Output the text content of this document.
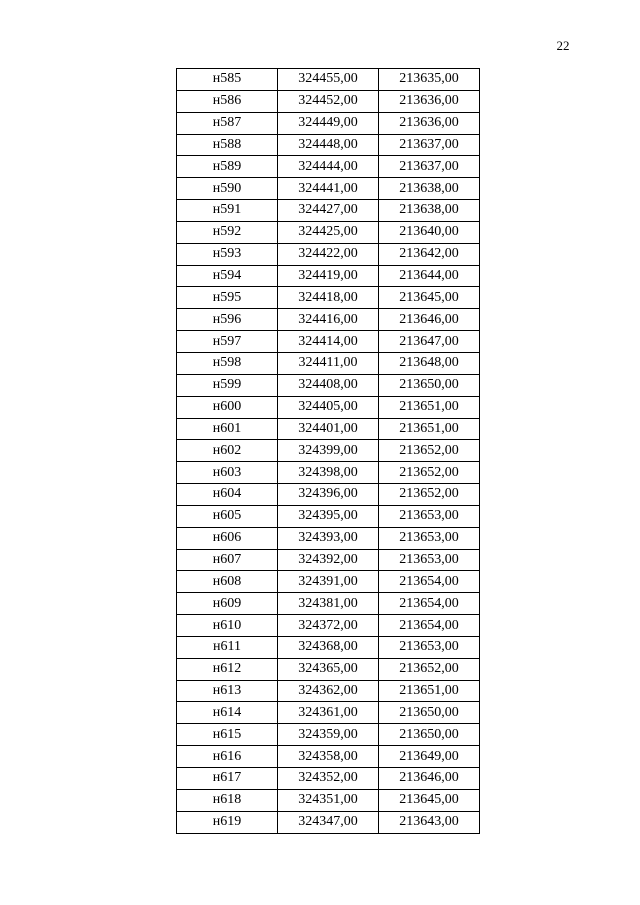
22
н585	324455,00	213635,00
н586	324452,00	213636,00
н587	324449,00	213636,00
н588	324448,00	213637,00
н589	324444,00	213637,00
н590	324441,00	213638,00
н591	324427,00	213638,00
н592	324425,00	213640,00
н593	324422,00	213642,00
н594	324419,00	213644,00
н595	324418,00	213645,00
н596	324416,00	213646,00
н597	324414,00	213647,00
н598	324411,00	213648,00
н599	324408,00	213650,00
н600	324405,00	213651,00
н601	324401,00	213651,00
н602	324399,00	213652,00
н603	324398,00	213652,00
н604	324396,00	213652,00
н605	324395,00	213653,00
н606	324393,00	213653,00
н607	324392,00	213653,00
н608	324391,00	213654,00
н609	324381,00	213654,00
н610	324372,00	213654,00
н611	324368,00	213653,00
н612	324365,00	213652,00
н613	324362,00	213651,00
н614	324361,00	213650,00
н615	324359,00	213650,00
н616	324358,00	213649,00
н617	324352,00	213646,00
н618	324351,00	213645,00
н619	324347,00	213643,00
